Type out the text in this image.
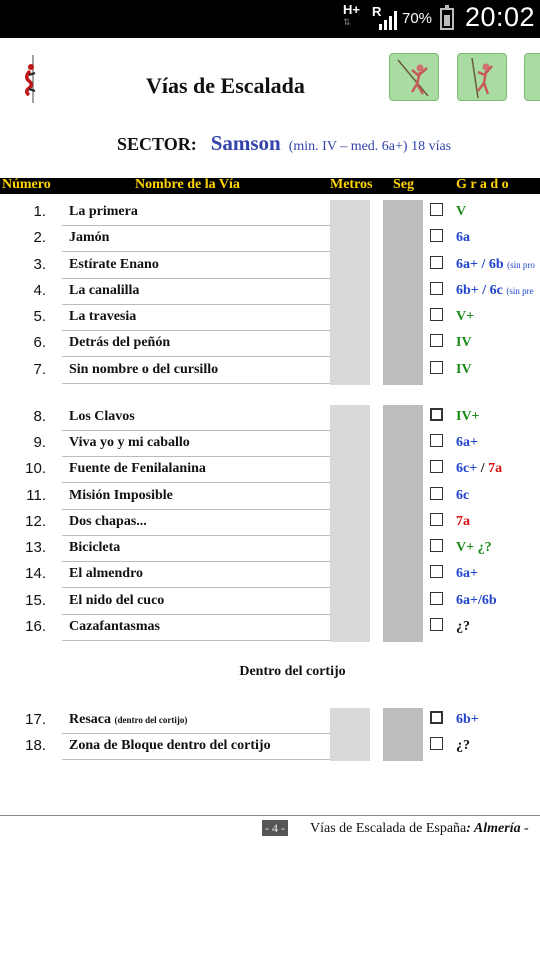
H+
⇅
R 70% 20:02
Vías de Escalada
SECTOR: Samson (min. IV – med. 6a+) 18 vías
Número	Nombre de la Vía	Metros Seg	G r a d o
1. La primera	V
2. Jamón	6a
3. Estírate Enano	6a+ / 6b (sin pro
4. La canalilla	6b+ / 6c (sin pre
5. La travesia	V+
6. Detrás del peñón	IV
7. Sin nombre o del cursillo	IV
8. Los Clavos	IV+
9. Viva yo y mi caballo	6a+
10. Fuente de Fenilalanina	6c+ / 7a
11. Misión Imposible	6c
12. Dos chapas...	7a
13. Bicicleta	V+ ¿?
14. El almendro	6a+
15. El nido del cuco	6a+/6b
16. Cazafantasmas	¿?
Dentro del cortijo
17. Resaca (dentro del cortijo)	6b+
18. Zona de Bloque dentro del cortijo	¿?
- 4 - Vías de Escalada de España: Almería -
